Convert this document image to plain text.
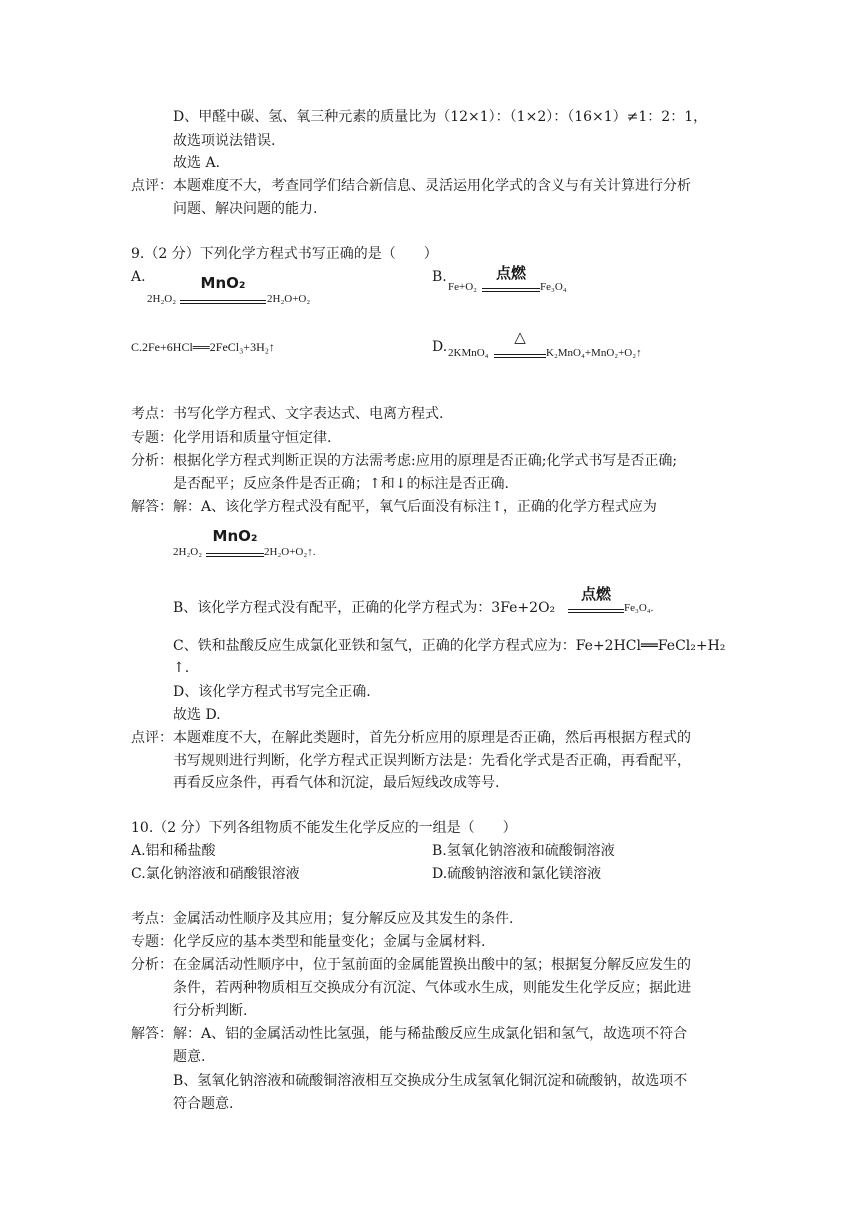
D、甲醛中碳、氢、氧三种元素的质量比为（12×1）：（1×2）：（16×1）≠1：2：1，
故选项说法错误.
故选 A.
点评： 本题难度不大，考查同学们结合新信息、灵活运用化学式的含义与有关计算进行分析
问题、解决问题的能力.
9.（2 分）下列化学方程式书写正确的是（　　）
A.
2H₂O₂
MnO₂
2H₂O+O₂
B.
Fe+O₂
点燃
Fe₃O₄
C.2Fe+6HCl══2FeCl₃+3H₂↑	D. 2KMnO₄
△
K₂MnO₄+MnO₂+O₂↑
考点： 书写化学方程式、文字表达式、电离方程式.
专题： 化学用语和质量守恒定律.
分析： 根据化学方程式判断正误的方法需考虑:应用的原理是否正确;化学式书写是否正确;
是否配平；反应条件是否正确；↑和↓的标注是否正确.
解答： 解：A、该化学方程式没有配平，氧气后面没有标注↑，正确的化学方程式应为
2H₂O₂
MnO₂
2H₂O+O₂↑.
B、该化学方程式没有配平，正确的化学方程式为：3Fe+2O₂
点燃
Fe₃O₄.
C、铁和盐酸反应生成氯化亚铁和氢气，正确的化学方程式应为：Fe+2HCl══FeCl₂+H₂
↑.
D、该化学方程式书写完全正确.
故选 D.
点评： 本题难度不大，在解此类题时，首先分析应用的原理是否正确，然后再根据方程式的
书写规则进行判断，化学方程式正误判断方法是：先看化学式是否正确，再看配平，
再看反应条件，再看气体和沉淀，最后短线改成等号.
10.（2 分）下列各组物质不能发生化学反应的一组是（　　）
A.铝和稀盐酸	B.氢氧化钠溶液和硫酸铜溶液
C.氯化钠溶液和硝酸银溶液	D.硫酸钠溶液和氯化镁溶液
考点： 金属活动性顺序及其应用；复分解反应及其发生的条件.
专题： 化学反应的基本类型和能量变化；金属与金属材料.
分析： 在金属活动性顺序中，位于氢前面的金属能置换出酸中的氢；根据复分解反应发生的
条件，若两种物质相互交换成分有沉淀、气体或水生成，则能发生化学反应；据此进
行分析判断.
解答： 解：A、铝的金属活动性比氢强，能与稀盐酸反应生成氯化铝和氢气，故选项不符合
题意.
B、氢氧化钠溶液和硫酸铜溶液相互交换成分生成氢氧化铜沉淀和硫酸钠，故选项不
符合题意.
